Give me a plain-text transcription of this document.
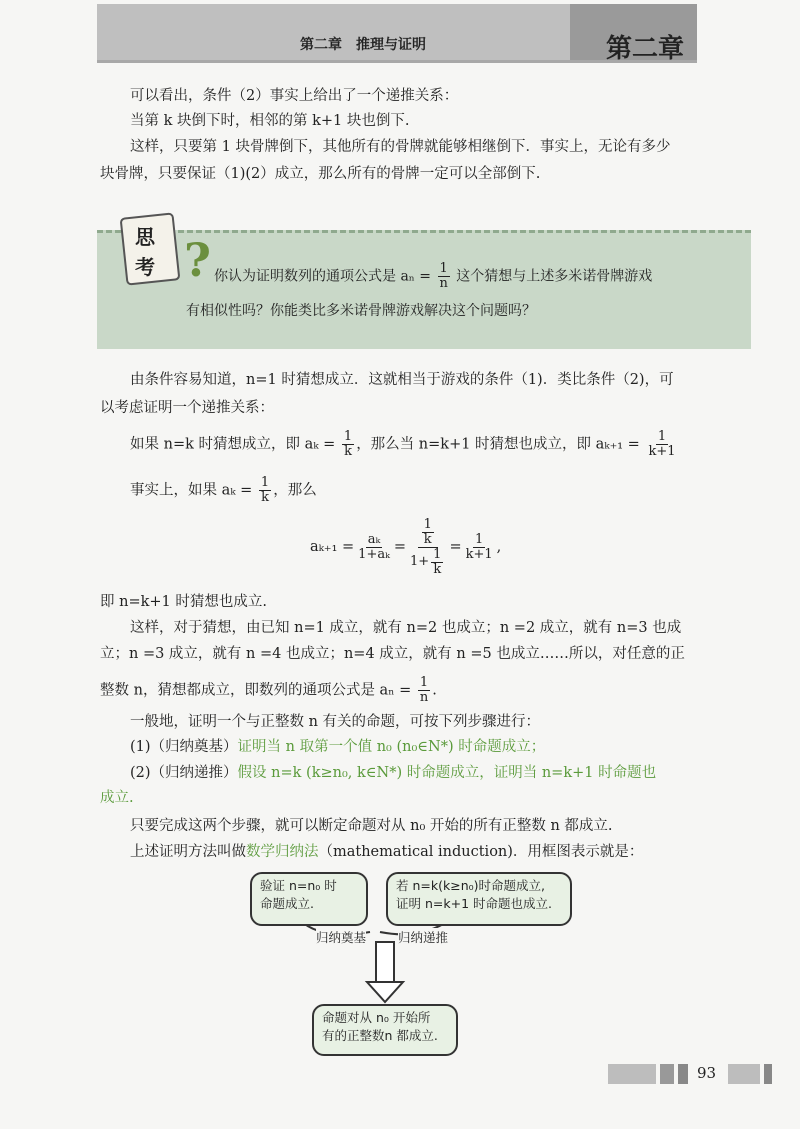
第二章　推理与证明	第二章

可以看出，条件（2）事实上给出了一个递推关系：

当第 k 块倒下时，相邻的第 k+1 块也倒下.

这样，只要第 1 块骨牌倒下，其他所有的骨牌就能够相继倒下．事实上，无论有多少

块骨牌，只要保证（1)(2）成立，那么所有的骨牌一定可以全部倒下.

?
思考	你认为证明数列的通项公式是 $a_n = \frac{1}{n}$ 这个猜想与上述多米诺骨牌游戏
有相似性吗？你能类比多米诺骨牌游戏解决这个问题吗？

由条件容易知道，n=1 时猜想成立．这就相当于游戏的条件（1)．类比条件（2)，可

以考虑证明一个递推关系：

如果 n=k 时猜想成立，即 $a_k = \frac{1}{k}$ ，那么当 n=k+1 时猜想也成立，即 $a_{k+1} = \frac{1}{k+1}$

事实上，如果 $a_k = \frac{1}{k}$ ，那么

$a_{k+1} = \frac{\text{aₖ}}{\text{1+aₖ}} = \frac{\frac{1}{k}}{1+ \frac{1}{k}} = \frac{1}{k+1}$ ,

即 n=k+1 时猜想也成立.

这样，对于猜想，由已知 n=1 成立，就有 n=2 也成立；n =2 成立，就有 n=3 也成

立；n =3 成立，就有 n =4 也成立；n=4 成立，就有 n =5 也成立……所以，对任意的正

整数 n，猜想都成立，即数列的通项公式是 $a_n = \frac{1}{n}$ .

一般地，证明一个与正整数 n 有关的命题，可按下列步骤进行：

(1)（归纳奠基）证明当 n 取第一个值 n₀ (n₀∈N*) 时命题成立；

(2)（归纳递推）假设 n=k (k≥n₀, k∈N*) 时命题成立，证明当 n=k+1 时命题也

成立.

只要完成这两个步骤，就可以断定命题对从 n₀ 开始的所有正整数 n 都成立.

上述证明方法叫做数学归纳法（mathematical induction)．用框图表示就是：

验证 n=n₀ 时
命题成立.
若 n=k(k≥n₀)时命题成立,
证明 n=k+1 时命题也成立.
归纳奠基	归纳递推
命题对从 n₀ 开始所
有的正整数n 都成立.
93
